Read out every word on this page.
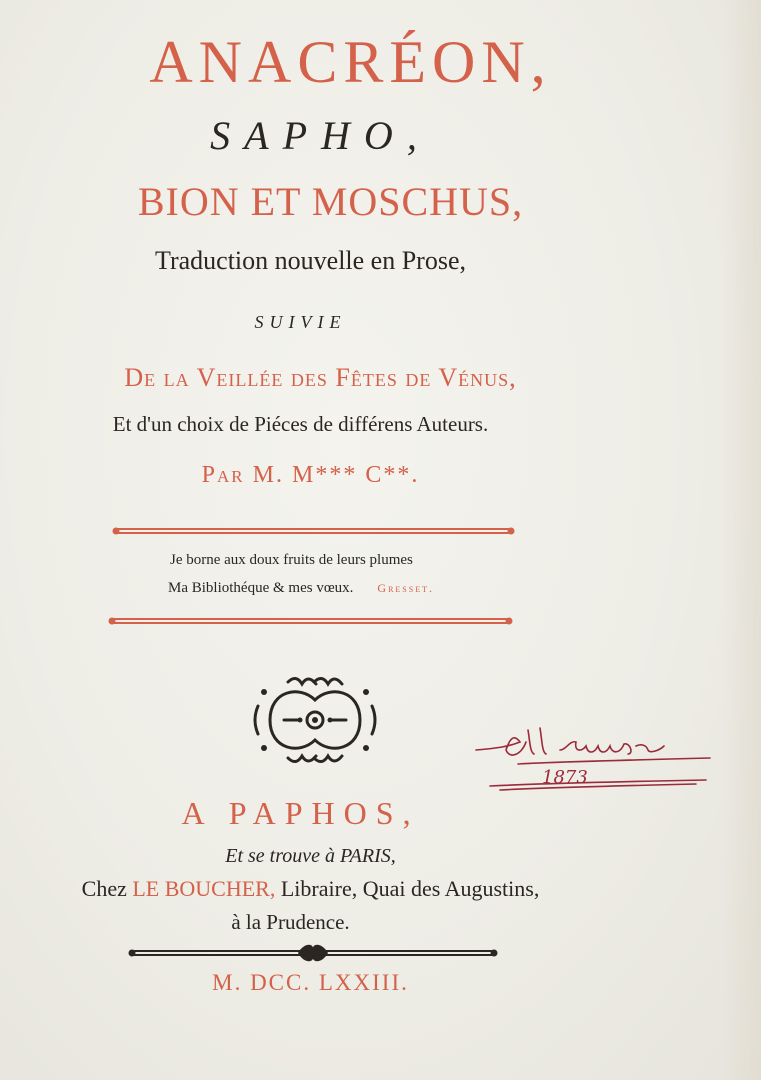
ANACRÉON,
SAPHO,
BION ET MOSCHUS,
Traduction nouvelle en Prose,
SUIVIE
De la Veillée des Fêtes de Vénus,
Et d'un choix de Piéces de différens Auteurs.
Par M. M*** C**.
Je borne aux doux fruits de leurs plumes
Ma Bibliothéque & mes vœux. Gresset.
1873
A PAPHOS,
Et se trouve à PARIS,
Chez LE BOUCHER, Libraire, Quai des Augustins,
à la Prudence.
M. DCC. LXXIII.
